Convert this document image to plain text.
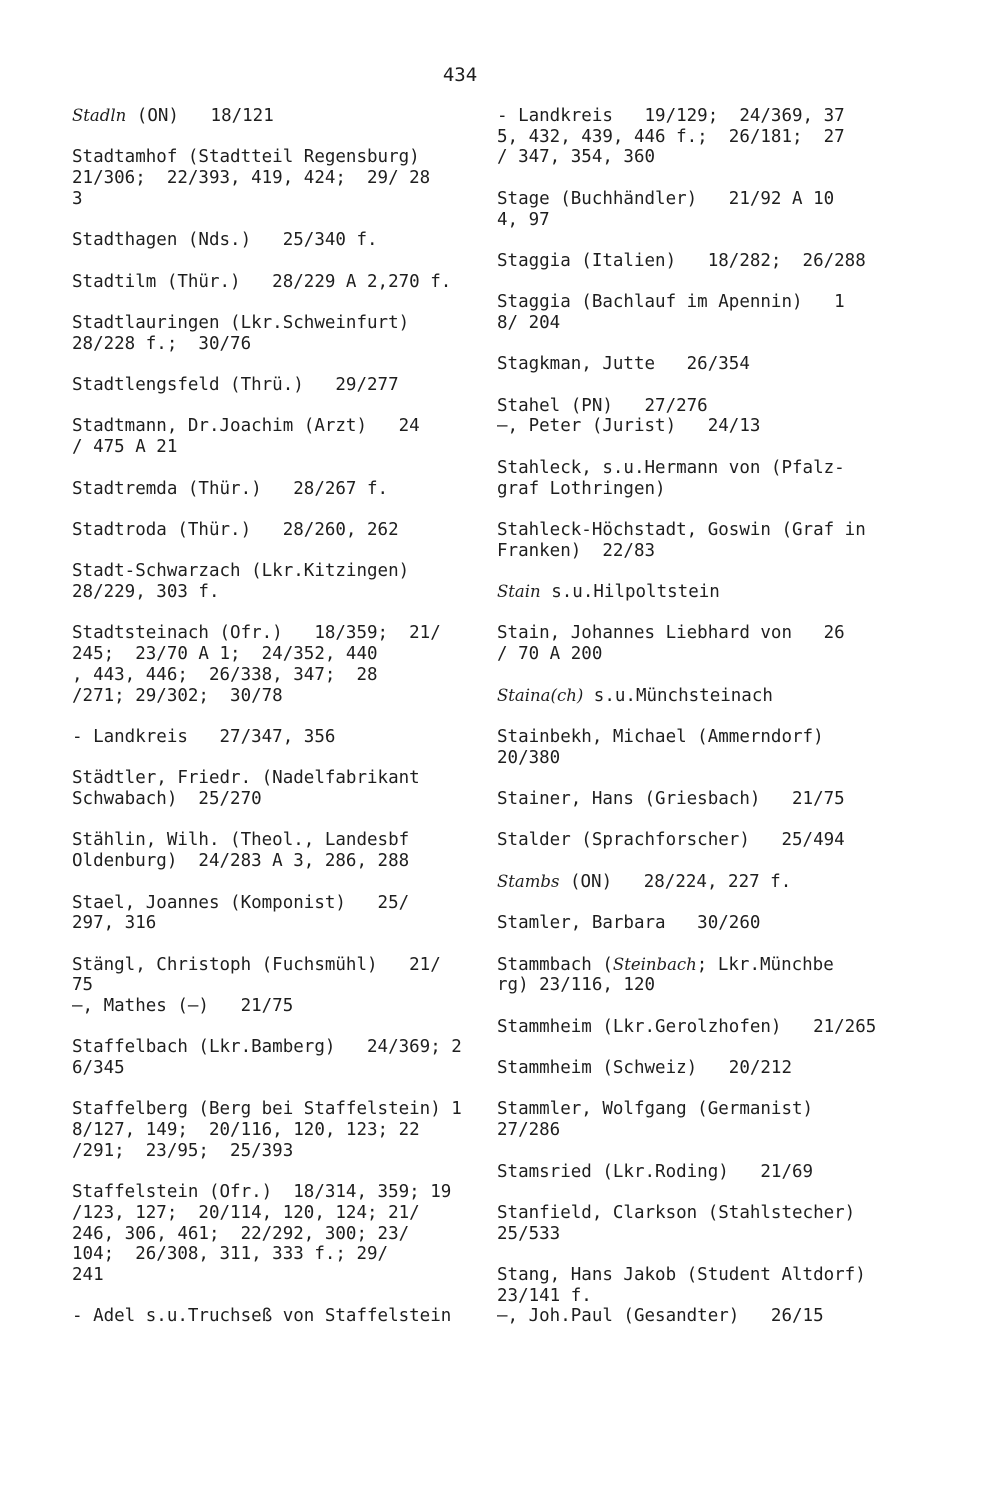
434
Stadln (ON)   18/121
Stadtamhof (Stadtteil Regensburg)
21/306;  22/393, 419, 424;  29/ 28
3
Stadthagen (Nds.)   25/340 f.
Stadtilm (Thür.)   28/229 A 2,270 f.
Stadtlauringen (Lkr.Schweinfurt)
28/228 f.;  30/76
Stadtlengsfeld (Thrü.)   29/277
Stadtmann, Dr.Joachim (Arzt)   24
/ 475 A 21
Stadtremda (Thür.)   28/267 f.
Stadtroda (Thür.)   28/260, 262
Stadt-Schwarzach (Lkr.Kitzingen)
28/229, 303 f.
Stadtsteinach (Ofr.)   18/359;  21/
245;  23/70 A 1;  24/352, 440
, 443, 446;  26/338, 347;  28
/271; 29/302;  30/78
- Landkreis   27/347, 356
Städtler, Friedr. (Nadelfabrikant
Schwabach)  25/270
Stählin, Wilh. (Theol., Landesbf
Oldenburg)  24/283 A 3, 286, 288
Stael, Joannes (Komponist)   25/
297, 316
Stängl, Christoph (Fuchsmühl)   21/
75
—, Mathes (—)   21/75
Staffelbach (Lkr.Bamberg)   24/369; 2
6/345
Staffelberg (Berg bei Staffelstein) 1
8/127, 149;  20/116, 120, 123; 22
/291;  23/95;  25/393
Staffelstein (Ofr.)  18/314, 359; 19
/123, 127;  20/114, 120, 124; 21/
246, 306, 461;  22/292, 300; 23/
104;  26/308, 311, 333 f.; 29/
241
- Adel s.u.Truchseß von Staffelstein
- Landkreis   19/129;  24/369, 37
5, 432, 439, 446 f.;  26/181;  27
/ 347, 354, 360
Stage (Buchhändler)   21/92 A 10
4, 97
Staggia (Italien)   18/282;  26/288
Staggia (Bachlauf im Apennin)   1
8/ 204
Stagkman, Jutte   26/354
Stahel (PN)   27/276
—, Peter (Jurist)   24/13
Stahleck, s.u.Hermann von (Pfalz-
graf Lothringen)
Stahleck-Höchstadt, Goswin (Graf in
Franken)  22/83
Stain s.u.Hilpoltstein
Stain, Johannes Liebhard von   26
/ 70 A 200
Staina(ch) s.u.Münchsteinach
Stainbekh, Michael (Ammerndorf)
20/380
Stainer, Hans (Griesbach)   21/75
Stalder (Sprachforscher)   25/494
Stambs (ON)   28/224, 227 f.
Stamler, Barbara   30/260
Stammbach (Steinbach; Lkr.Münchbe
rg) 23/116, 120
Stammheim (Lkr.Gerolzhofen)   21/265
Stammheim (Schweiz)   20/212
Stammler, Wolfgang (Germanist)
27/286
Stamsried (Lkr.Roding)   21/69
Stanfield, Clarkson (Stahlstecher)
25/533
Stang, Hans Jakob (Student Altdorf)
23/141 f.
—, Joh.Paul (Gesandter)   26/15
